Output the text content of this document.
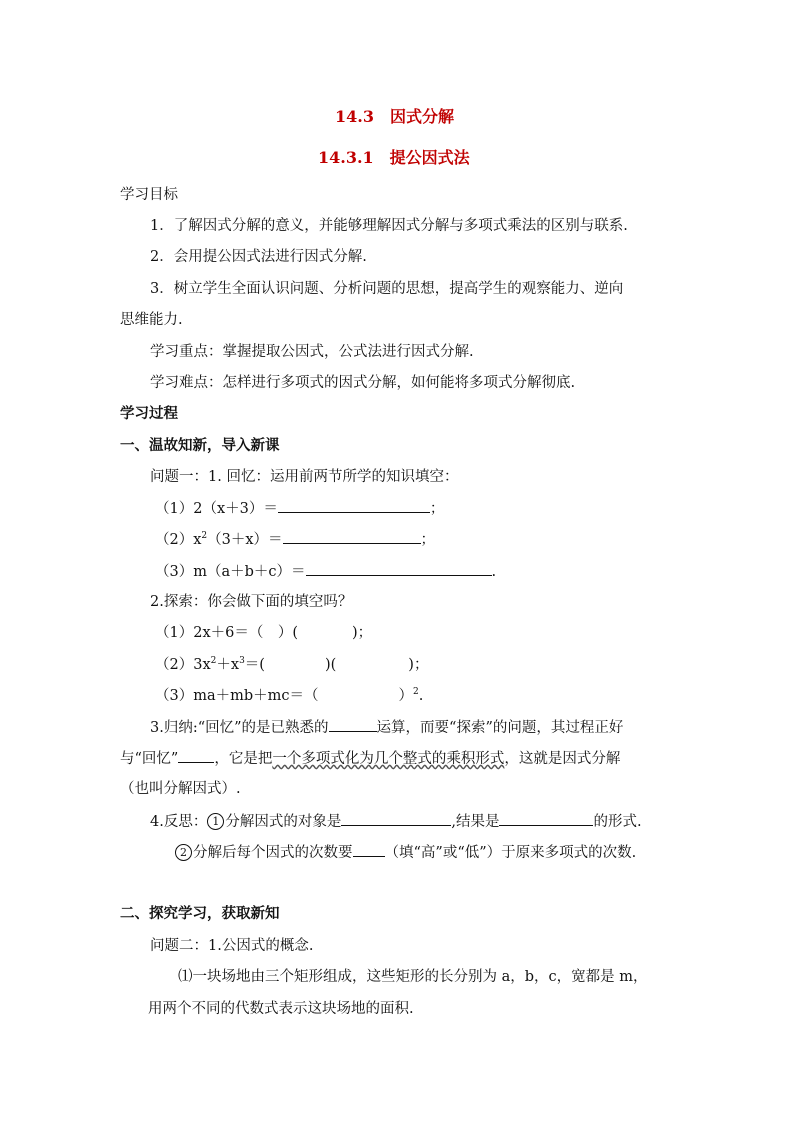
14.3　因式分解
14.3.1　提公因式法
学习目标
1．了解因式分解的意义，并能够理解因式分解与多项式乘法的区别与联系.
2．会用提公因式法进行因式分解.
3．树立学生全面认识问题、分析问题的思想，提高学生的观察能力、逆向
思维能力.
学习重点：掌握提取公因式，公式法进行因式分解.
学习难点：怎样进行多项式的因式分解，如何能将多项式分解彻底.
学习过程
一、温故知新，导入新课
问题一：1. 回忆：运用前两节所学的知识填空：
（1）2（x＋3）＝	；
$(2)x^2(3+x)=$	；
（3）m（a＋b＋c）＝	.
2.探索：你会做下面的填空吗？
（1）2x＋6＝（　）(	)；
$(2)3x^2+x^3=$(	)(	)；
（3）ma＋mb＋mc＝（	）$^2$.
3.归纳:“回忆”的是已熟悉的	运算，而要“探索”的问题，其过程正好
与“回忆” ，它是把一个多项式化为几个整式的乘积形式，这就是因式分解
（也叫分解因式）.
4.反思： 1 分解因式的对象是	,结果是	的形式.
2 分解后每个因式的次数要 （填“高”或“低”）于原来多项式的次数.
二、探究学习，获取新知
问题二：1.公因式的概念.
⑴一块场地由三个矩形组成，这些矩形的长分别为 a，b，c，宽都是 m，
用两个不同的代数式表示这块场地的面积.
